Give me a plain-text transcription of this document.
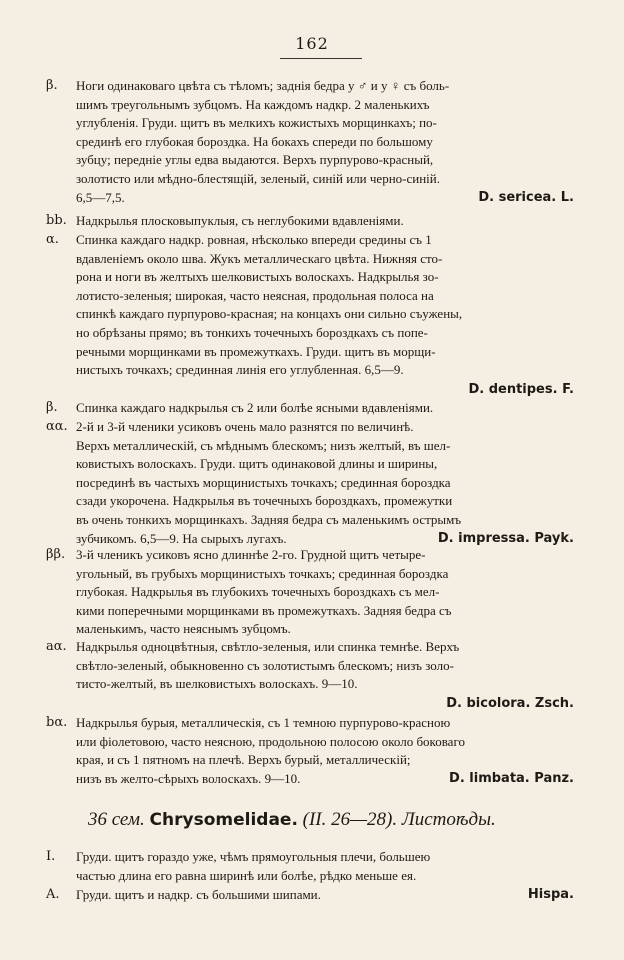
162
β. Ноги одинаковаго цвѣта съ тѣломъ; заднія бедра у ♂ и у ♀ съ боль-
шимъ треугольнымъ зубцомъ. На каждомъ надкр. 2 маленькихъ
углубленія. Груди. щитъ въ мелкихъ кожистыхъ морщинкахъ; по-
срединѣ его глубокая бороздка. На бокахъ спереди по большому
зубцу; передніе углы едва выдаются. Верхъ пурпурово-красный,
золотисто или мѣдно-блестящій, зеленый, синій или черно-синій.
6,5—7,5.	D. sericea. L.
bb. Надкрылья плосковыпуклыя, съ неглубокими вдавленіями.
α. Спинка каждаго надкр. ровная, нѣсколько впереди средины съ 1
вдавленіемъ около шва. Жукъ металлическаго цвѣта. Нижняя сто-
рона и ноги въ желтыхъ шелковистыхъ волоскахъ. Надкрылья зо-
лотисто-зеленыя; широкая, часто неясная, продольная полоса на
спинкѣ каждаго пурпурово-красная; на концахъ они сильно съужены,
но обрѣзаны прямо; въ тонкихъ точечныхъ бороздкахъ съ попе-
речными морщинками въ промежуткахъ. Груди. щитъ въ морщи-
нистыхъ точкахъ; срединная линія его углубленная. 6,5—9.
D. dentipes. F.
β. Спинка каждаго надкрылья съ 2 или болѣе ясными вдавленіями.
αα. 2-й и 3-й членики усиковъ очень мало разнятся по величинѣ.
Верхъ металлическій, съ мѣднымъ блескомъ; низъ желтый, въ шел-
ковистыхъ волоскахъ. Груди. щитъ одинаковой длины и ширины,
посрединѣ въ частыхъ морщинистыхъ точкахъ; срединная бороздка
сзади укорочена. Надкрылья въ точечныхъ бороздкахъ, промежутки
въ очень тонкихъ морщинкахъ. Задняя бедра съ маленькимъ острымъ
зубчикомъ. 6,5—9. На сырыхъ лугахъ.	D. impressa. Payk.
ββ. 3-й членикъ усиковъ ясно длиннѣе 2-го. Грудной щитъ четыре-
угольный, въ грубыхъ морщинистыхъ точкахъ; срединная бороздка
глубокая. Надкрылья въ глубокихъ точечныхъ бороздкахъ съ мел-
кими поперечными морщинками въ промежуткахъ. Задняя бедра съ
маленькимъ, часто неяснымъ зубцомъ.
aα. Надкрылья одноцвѣтныя, свѣтло-зеленыя, или спинка темнѣе. Верхъ
свѣтло-зеленый, обыкновенно съ золотистымъ блескомъ; низъ золо-
тисто-желтый, въ шелковистыхъ волоскахъ. 9—10.
D. bicolora. Zsch.
bα. Надкрылья бурыя, металлическія, съ 1 темною пурпурово-красною
или фіолетовою, часто неясною, продольною полосою около боковаго
края, и съ 1 пятномъ на плечѣ. Верхъ бурый, металлическій;
низъ въ желто-сѣрыхъ волоскахъ. 9—10.	D. limbata. Panz.
36 сем. Chrysomelidae. (II. 26—28). Листоѣды.
I. Груди. щитъ гораздо уже, чѣмъ прямоугольныя плечи, большею
частью длина его равна ширинѣ или болѣе, рѣдко меньше ея.
A. Груди. щитъ и надкр. съ большими шипами.	Hispa.
